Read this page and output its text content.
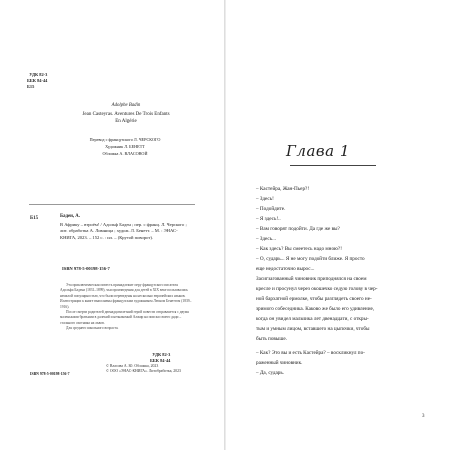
УДК 82-3
ББК 84-44
Б15
Adolphe Badin
Jean Casteyras. Aventures De Trois Enfants
En Algérie
Перевод с французского Л. ЧЕРСКОГО
Художник Л. БЕНЕТТ
Обложка А. ВЛАСОВОЙ
Б15	Баден, А.
В Африку – втроём! / Адольф Баден ; пер. с франц. Л. Черского ; лит. обработка А. Лимница ; худож. Л. Бенетт. – М. : ЭНАС-КНИГА, 2023. – 152 с. : ил. – (Крутой поворот).
ISBN 978-5-00198-156-7

Эта приключенческая повесть принадлежит перу французского писателя Адольфа Бадена (1831–1899), чьи произведения для детей в XIX веке пользовались немалой популярностью, что были переведены на несколько европейских языков. Иллюстрации к книге выполнены французским художником Леоном Бенеттом (1839–1916).

После смерти родителей двенадцатилетний герой повести отправляется с двумя маленькими братьями в далекий и незнакомый Алжир на поиски своего дяди – стального охотника на львов.

Для среднего школьного возраста.

УДК 82-3
ББК 84-44
© Власова А. Ю. Обложка, 2023
© ООО «ЭНАС-КНИГА». Литобработка, 2023
ISBN 978-5-00198-156-7
Глава 1
– Кастейра, Жан-Пьер?!
– Здесь!
– Подойдите.
– Я здесь!..
– Вам говорят подойти. Да где же вы?
– Здесь...
– Как здесь? Вы смеетесь надо мною?!
– О, сударь... Я не могу подойти ближе. Я просто
еще недостаточно вырос...
Засигзагованный чиновник приподнялся на своем
кресле и просунул через окошечко седую голову в чер-
ной бархатной ермолке, чтобы разглядеть своего не-
зримого собеседника. Каково же было его удивление,
когда он увидел мальчика лет двенадцати, с откры-
тым и умным лицом, вставшего на цыпочки, чтобы
быть повыше.
– Как? Это вы и есть Кастейра? – воскликнул по-
раженный чиновник.
– Да, сударь.
3
